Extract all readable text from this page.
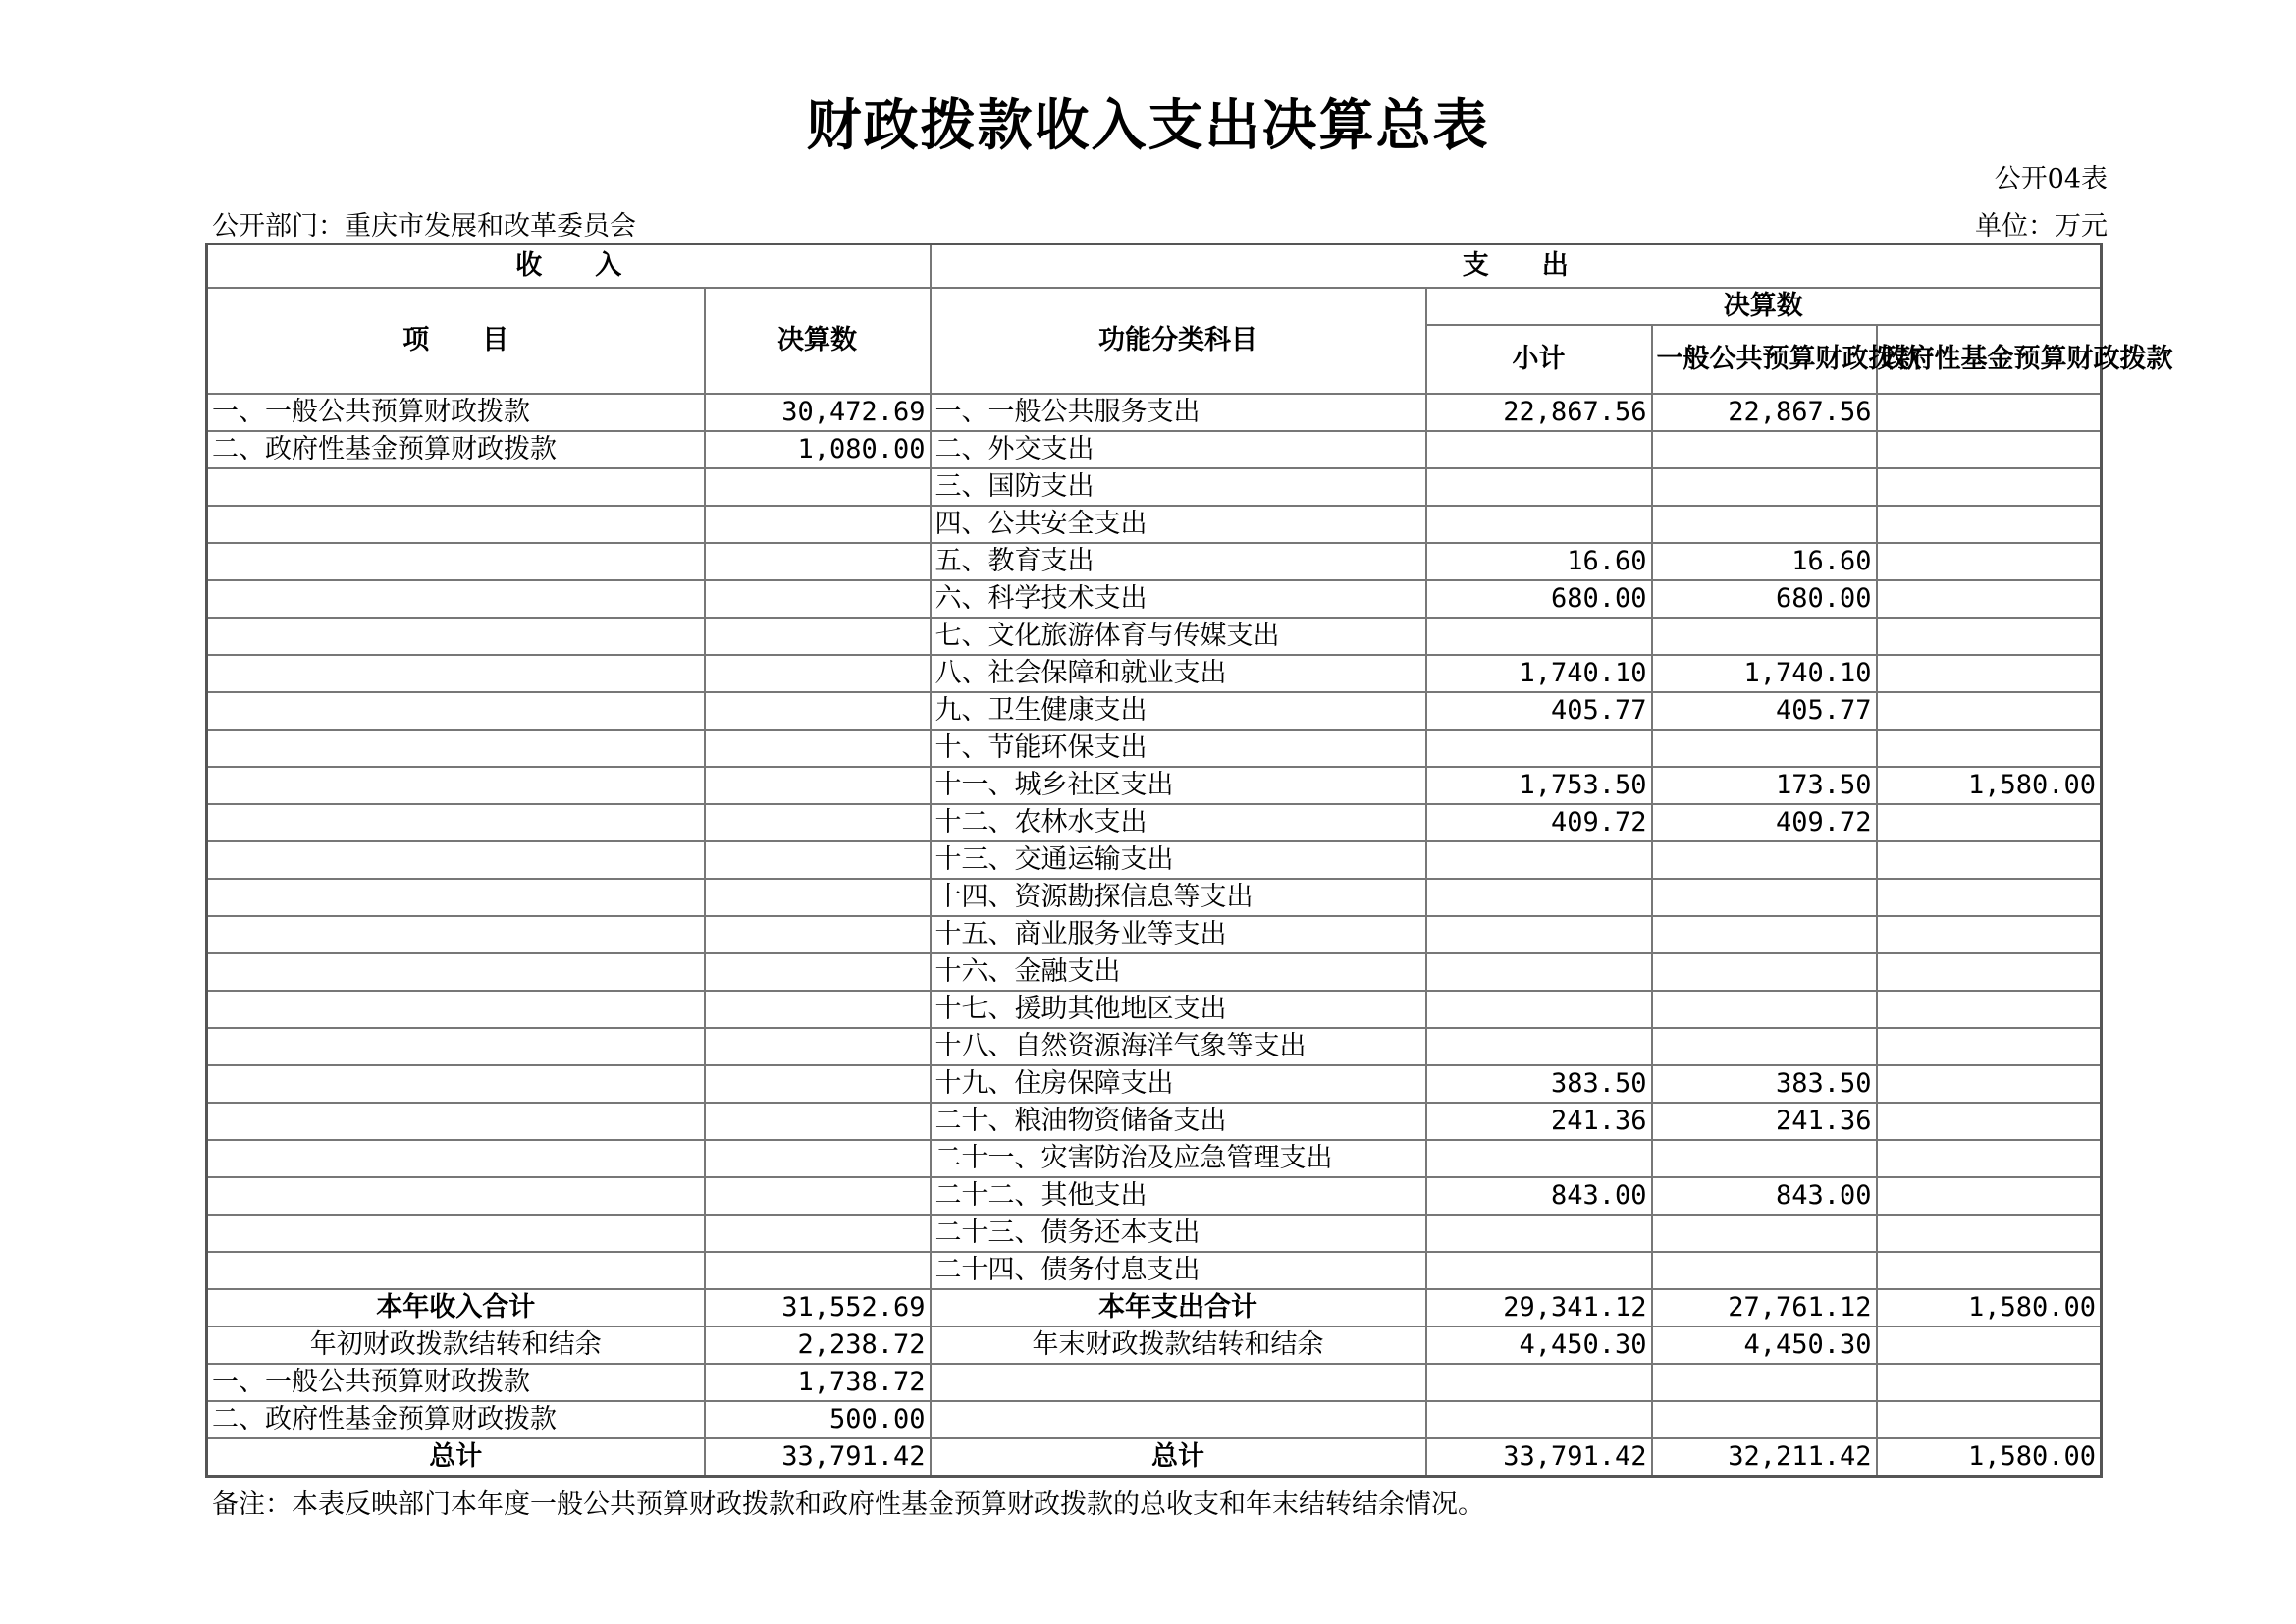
财政拨款收入支出决算总表
公开04表
公开部门：重庆市发展和改革委员会	单位：万元
收　　入		支　　出			
项　　目	决算数	功能分类科目	决算数		
			小计	一般公共预算财政拨款	政府性基金预算财政拨款
一、一般公共预算财政拨款	30,472.69	一、一般公共服务支出	22,867.56	22,867.56	
二、政府性基金预算财政拨款	1,080.00	二、外交支出			
		三、国防支出			
		四、公共安全支出			
		五、教育支出	16.60	16.60	
		六、科学技术支出	680.00	680.00	
		七、文化旅游体育与传媒支出			
		八、社会保障和就业支出	1,740.10	1,740.10	
		九、卫生健康支出	405.77	405.77	
		十、节能环保支出			
		十一、城乡社区支出	1,753.50	173.50	1,580.00
		十二、农林水支出	409.72	409.72	
		十三、交通运输支出			
		十四、资源勘探信息等支出			
		十五、商业服务业等支出			
		十六、金融支出			
		十七、援助其他地区支出			
		十八、自然资源海洋气象等支出			
		十九、住房保障支出	383.50	383.50	
		二十、粮油物资储备支出	241.36	241.36	
		二十一、灾害防治及应急管理支出			
		二十二、其他支出	843.00	843.00	
		二十三、债务还本支出			
		二十四、债务付息支出			
本年收入合计	31,552.69	本年支出合计	29,341.12	27,761.12	1,580.00
年初财政拨款结转和结余	2,238.72	年末财政拨款结转和结余	4,450.30	4,450.30	
一、一般公共预算财政拨款	1,738.72				
二、政府性基金预算财政拨款	500.00				
总计	33,791.42	总计	33,791.42	32,211.42	1,580.00
备注：本表反映部门本年度一般公共预算财政拨款和政府性基金预算财政拨款的总收支和年末结转结余情况。
